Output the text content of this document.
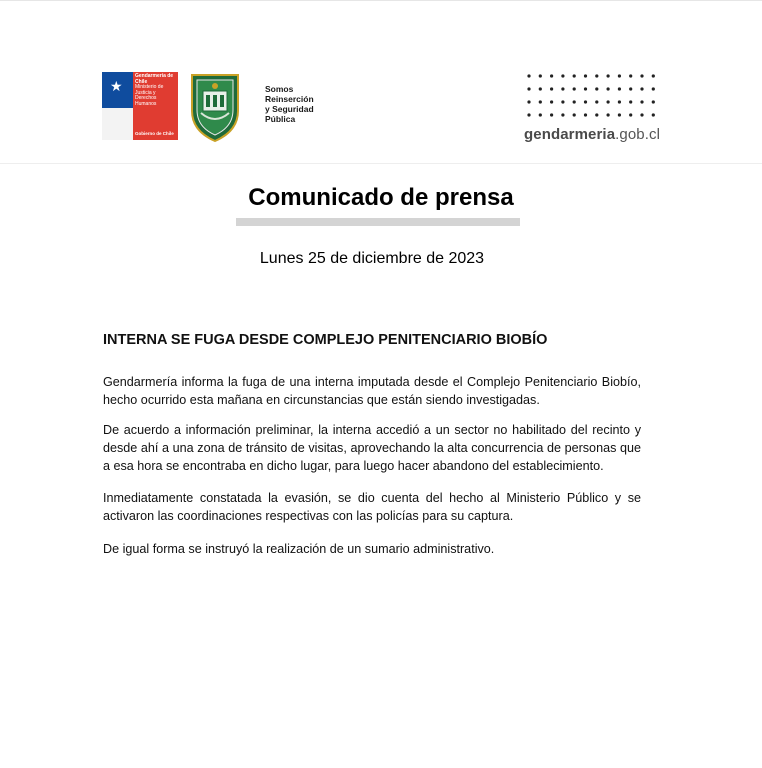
★
Gendarmería de Chile
Ministerio de Justicia y Derechos Humanos
Gobierno de Chile
Somos
Reinserción
y Seguridad
Pública
gendarmeria.gob.cl
Comunicado de prensa
Lunes 25 de diciembre de 2023
INTERNA SE FUGA DESDE COMPLEJO PENITENCIARIO BIOBÍO

Gendarmería informa la fuga de una interna imputada desde el Complejo Penitenciario Biobío, hecho ocurrido esta mañana en circunstancias que están siendo investigadas.

De acuerdo a información preliminar, la interna accedió a un sector no habilitado del recinto y desde ahí a una zona de tránsito de visitas, aprovechando la alta concurrencia de personas que a esa hora se encontraba en dicho lugar, para luego hacer abandono del establecimiento.

Inmediatamente constatada la evasión, se dio cuenta del hecho al Ministerio Público y se activaron las coordinaciones respectivas con las policías para su captura.

De igual forma se instruyó la realización de un sumario administrativo.
